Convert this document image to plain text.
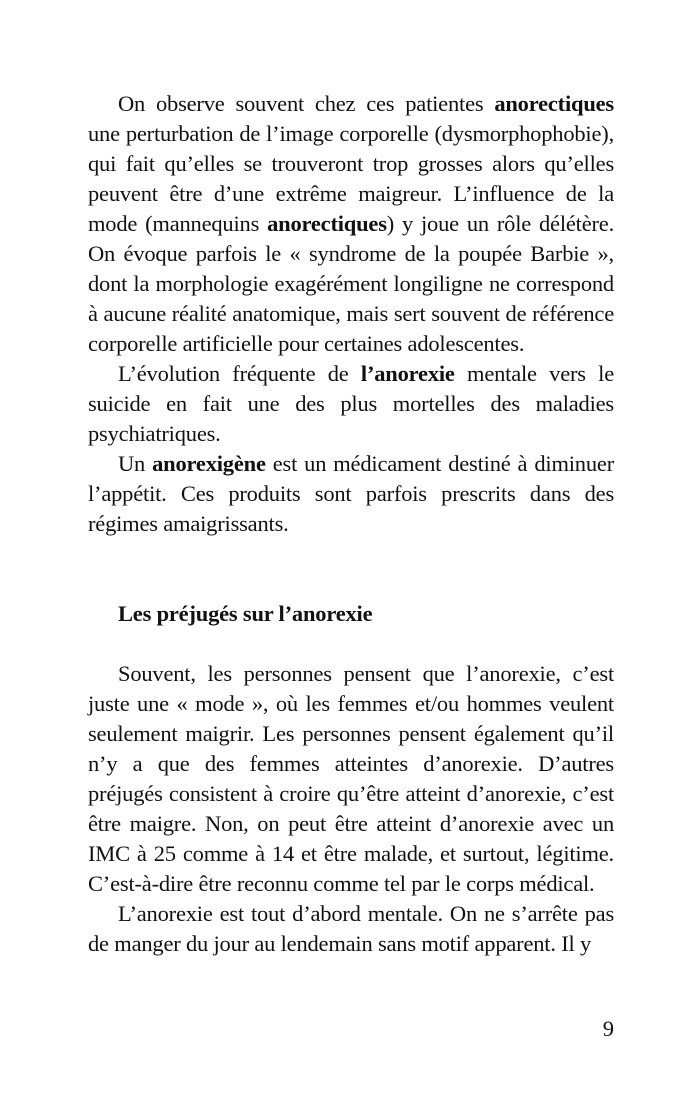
On observe souvent chez ces patientes anorectiques une perturbation de l’image corporelle (dysmorphophobie), qui fait qu’elles se trouveront trop grosses alors qu’elles peuvent être d’une extrême maigreur. L’influence de la mode (mannequins anorectiques) y joue un rôle délétère. On évoque parfois le « syndrome de la poupée Barbie », dont la morphologie exagérément longiligne ne correspond à aucune réalité anatomique, mais sert souvent de référence corporelle artificielle pour certaines adolescentes.

L’évolution fréquente de l’anorexie mentale vers le suicide en fait une des plus mortelles des maladies psychiatriques.

Un anorexigène est un médicament destiné à diminuer l’appétit. Ces produits sont parfois prescrits dans des régimes amaigrissants.

Les préjugés sur l’anorexie

Souvent, les personnes pensent que l’anorexie, c’est juste une « mode », où les femmes et/ou hommes veulent seulement maigrir. Les personnes pensent également qu’il n’y a que des femmes atteintes d’anorexie. D’autres préjugés consistent à croire qu’être atteint d’anorexie, c’est être maigre. Non, on peut être atteint d’anorexie avec un IMC à 25 comme à 14 et être malade, et surtout, légitime. C’est-à-dire être reconnu comme tel par le corps médical.

L’anorexie est tout d’abord mentale. On ne s’arrête pas de manger du jour au lendemain sans motif apparent. Il y

9
